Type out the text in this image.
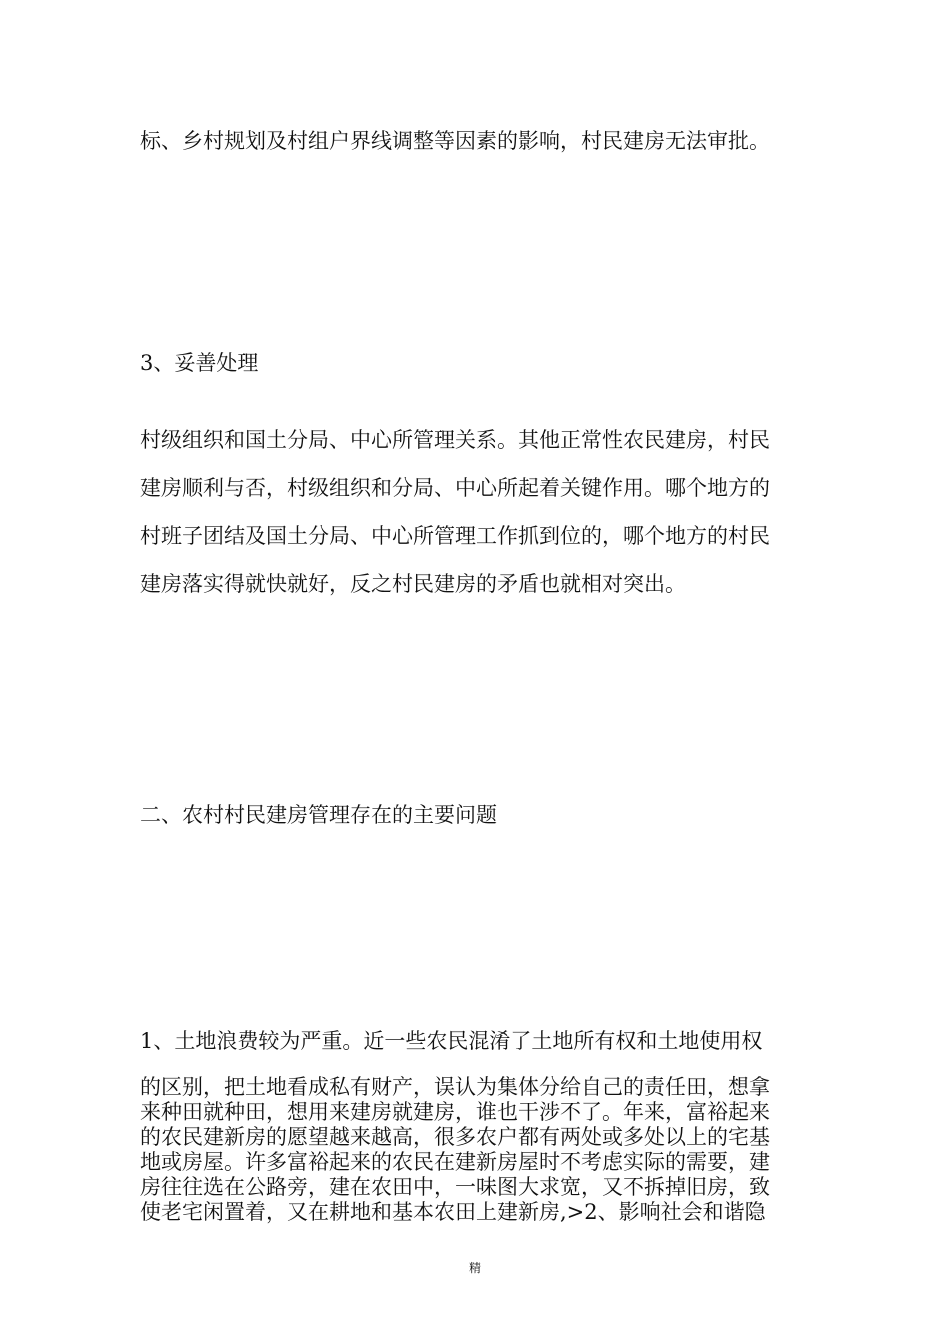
标、乡村规划及村组户界线调整等因素的影响，村民建房无法审批。

3、妥善处理

村级组织和国土分局、中心所管理关系。其他正常性农民建房，村民

建房顺利与否，村级组织和分局、中心所起着关键作用。哪个地方的

村班子团结及国土分局、中心所管理工作抓到位的，哪个地方的村民

建房落实得就快就好，反之村民建房的矛盾也就相对突出。

二、农村村民建房管理存在的主要问题

1、土地浪费较为严重。近一些农民混淆了土地所有权和土地使用权

的区别，把土地看成私有财产，误认为集体分给自己的责任田，想拿

来种田就种田，想用来建房就建房，谁也干涉不了。年来，富裕起来

的农民建新房的愿望越来越高，很多农户都有两处或多处以上的宅基

地或房屋。许多富裕起来的农民在建新房屋时不考虑实际的需要，建

房往往选在公路旁，建在农田中，一味图大求宽，又不拆掉旧房，致

使老宅闲置着，又在耕地和基本农田上建新房,>2、影响社会和谐隐

精
